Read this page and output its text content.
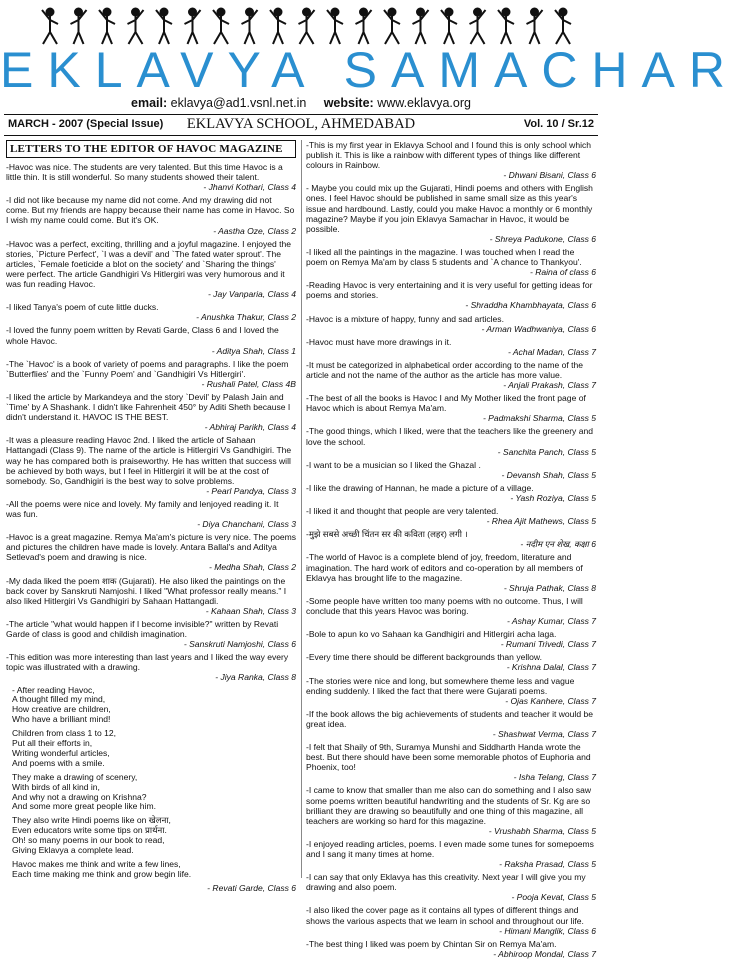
EKLAVYA SAMACHAR
email: eklavya@ad1.vsnl.net.in website: www.eklavya.org
MARCH - 2007 (Special Issue)	EKLAVYA SCHOOL, AHMEDABAD	Vol. 10 / Sr.12
LETTERS TO THE EDITOR OF HAVOC MAGAZINE
-Havoc was nice. The students are very talented. But this time Havoc is a little thin. It is still wonderful. So many students showed their talent.
- Jhanvi Kothari, Class 4
-I did not like because my name did not come. And my drawing did not come. But my friends are happy because their name has come in Havoc. So I wish my name could come. But it's OK.
- Aastha Oze, Class 2
-Havoc was a perfect, exciting, thrilling and a joyful magazine. I enjoyed the stories, `Picture Perfect', `I was a devil' and `The fated water sprout'. The articles, `Female foeticide a blot on the society' and `Sharing the things' were perfect. The article Gandhigiri Vs Hitlergiri was very humorous and it was fun reading Havoc.
- Jay Vanparia, Class 4
-I liked Tanya's poem of cute little ducks.
- Anushka Thakur, Class 2
-I loved the funny poem written by Revati Garde, Class 6 and I loved the whole Havoc.
- Aditya Shah, Class 1
-The `Havoc' is a book of variety of poems and paragraphs. I like the poem `Butterflies' and the `Funny Poem' and `Gandhigiri Vs Hitlergiri'.
- Rushali Patel, Class 4B
-I liked the article by Markandeya and the story `Devil' by Palash Jain and `Time' by A Shashank. I didn't like Fahrenheit 450° by Aditi Sheth because I didn't understand it. HAVOC IS THE BEST.
- Abhiraj Parikh, Class 4
-It was a pleasure reading Havoc 2nd. I liked the article of Sahaan Hattangadi (Class 9). The name of the article is Hitlergiri Vs Gandhigiri. The way he has compared both is praiseworthy. He has written that success will be achieved by both ways, but I feel in Hitlergiri it will be at the cost of somebody. So, Gandhigiri is the best way to solve problems.
- Pearl Pandya, Class 3
-All the poems were nice and lovely. My family and lenjoyed reading it. It was fun.
- Diya Chanchani, Class 3
-Havoc is a great magazine. Remya Ma'am's picture is very nice. The poems and pictures the children have made is lovely. Antara Ballal's and Aditya Setlevad's poem and drawing is nice.
- Medha Shah, Class 2
-My dada liked the poem शाक (Gujarati). He also liked the paintings on the back cover by Sanskruti Namjoshi. I liked "What professor really means." I also liked Hitlergiri Vs Gandhigiri by Sahaan Hattangadi.
- Kahaan Shah, Class 3
-The article "what would happen if I become invisible?" written by Revati Garde of class is good and childish imagination.
- Sanskruti Namjoshi, Class 6
-This edition was more interesting than last years and I liked the way every topic was illustrated with a drawing.
- Jiya Ranka, Class 8
- After reading Havoc,
A thought filled my mind,
How creative are children,
Who have a brilliant mind!
Children from class 1 to 12,
Put all their efforts in,
Writing wonderful articles,
And poems with a smile.
They make a drawing of scenery,
With birds of all kind in,
And why not a drawing on Krishna?
And some more great people like him.
They also write Hindi poems like on खेलना,
Even educators write some tips on प्रार्थना.
Oh! so many poems in our book to read,
Giving Eklavya a complete lead.
Havoc makes me think and write a few lines,
Each time making me think and grow begin life.
- Revati Garde, Class 6
-This is my first year in Eklavya School and I found this is only school which publish it. This is like a rainbow with different types of things like different colours in Rainbow.
- Dhwani Bisani, Class 6
- Maybe you could mix up the Gujarati, Hindi poems and others with English ones. I feel Havoc should be published in same small size as this year's issue and hardbound. Lastly, could you make Havoc a monthly or 6 monthly magazine? Maybe if you join Eklavya Samachar in Havoc, it would be possible.
- Shreya Padukone, Class 6
-I liked all the paintings in the magazine. I was touched when I read the poem on Remya Ma'am by class 5 students and `A chance to Thankyou'.
- Raina of class 6
-Reading Havoc is very entertaining and it is very useful for getting ideas for poems and stories.
- Shraddha Khambhayata, Class 6
-Havoc is a mixture of happy, funny and sad articles.
- Arman Wadhwaniya, Class 6
-Havoc must have more drawings in it.
- Achal Madan, Class 7
-It must be categorized in alphabetical order according to the name of the article and not the name of the author as the article has more value.
- Anjali Prakash, Class 7
-The best of all the books is Havoc I and My Mother liked the front page of Havoc which is about Remya Ma'am.
- Padmakshi Sharma, Class 5
-The good things, which I liked, were that the teachers like the greenery and love the school.
- Sanchita Panch, Class 5
-I want to be a musician so I liked the Ghazal .
- Devansh Shah, Class 5
-I like the drawing of Hannan, he made a picture of a village.
- Yash Roziya, Class 5
-I liked it and thought that people are very talented.
- Rhea Ajit Mathews, Class 5
-मुझे सबसे अच्छी चिंतन सर की कविता (लहर) लगी ।
- नदीम एन शेख, कक्षा 6
-The world of Havoc is a complete blend of joy, freedom, literature and imagination. The hard work of editors and co-operation by all members of Eklavya has brought life to the magazine.
- Shruja Pathak, Class 8
-Some people have written too many poems with no outcome. Thus, I will conclude that this years Havoc was boring.
- Ashay Kumar, Class 7
-Bole to apun ko vo Sahaan ka Gandhigiri and Hitlergiri acha laga.
- Rumani Trivedi, Class 7
-Every time there should be different backgrounds than yellow.
- Krishna Dalal, Class 7
-The stories were nice and long, but somewhere theme less and vague ending suddenly. I liked the fact that there were Gujarati poems.
- Ojas Kanhere, Class 7
-If the book allows the big achievements of students and teacher it would be great idea.
- Shashwat Verma, Class 7
-I felt that Shaily of 9th, Suramya Munshi and Siddharth Handa wrote the best. But there should have been some memorable photos of Euphoria and Phoenix, too!
- Isha Telang, Class 7
-I came to know that smaller than me also can do something and I also saw some poems written beautiful handwriting and the students of Sr. Kg are so brilliant they are drawing so beautifully and one thing of this magazine, all teachers are working so hard for this magazine.
- Vrushabh Sharma, Class 5
-I enjoyed reading articles, poems. I even made some tunes for somepoems and I sang it many times at home.
- Raksha Prasad, Class 5
-I can say that only Eklavya has this creativity. Next year I will give you my drawing and also poem.
- Pooja Kevat, Class 5
-I also liked the cover page as it contains all types of different things and shows the various aspects that we learn in school and throughout our life.
- Himani Manglik, Class 6
-The best thing I liked was poem by Chintan Sir on Remya Ma'am.
- Abhiroop Mondal, Class 7
